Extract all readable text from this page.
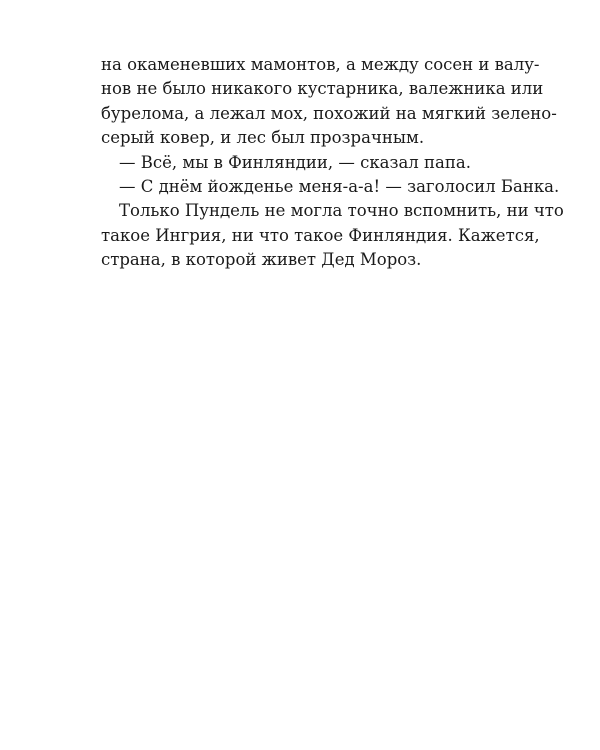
на окаменевших мамонтов, а между сосен и валу-
нов не было никакого кустарника, валежника или
бурелома, а лежал мох, похожий на мягкий зелено-
серый ковер, и лес был прозрачным.
— Всё, мы в Финляндии, — сказал папа.
— С днём йожденье меня-а-а! — заголосил Банка.
Только Пундель не могла точно вспомнить, ни что
такое Ингрия, ни что такое Финляндия. Кажется,
страна, в которой живет Дед Мороз.
